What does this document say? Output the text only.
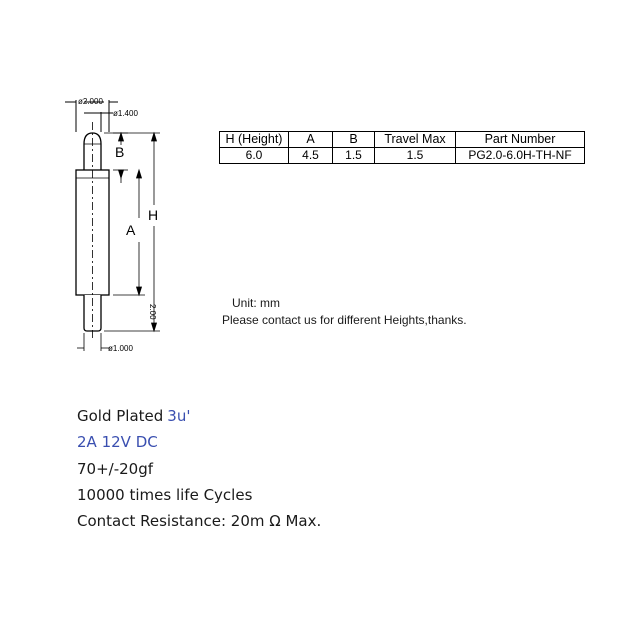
ø2.000
ø1.400
B
A
H
2.00
ø1.000
H (Height)	A	B	Travel Max	Part Number
6.0	4.5	1.5	1.5	PG2.0-6.0H-TH-NF
Unit: mm
Please contact us for different Heights,thanks.
Gold Plated 3u'
2A 12V DC
70+/-20gf
10000 times life Cycles
Contact Resistance: 20m Ω Max.
